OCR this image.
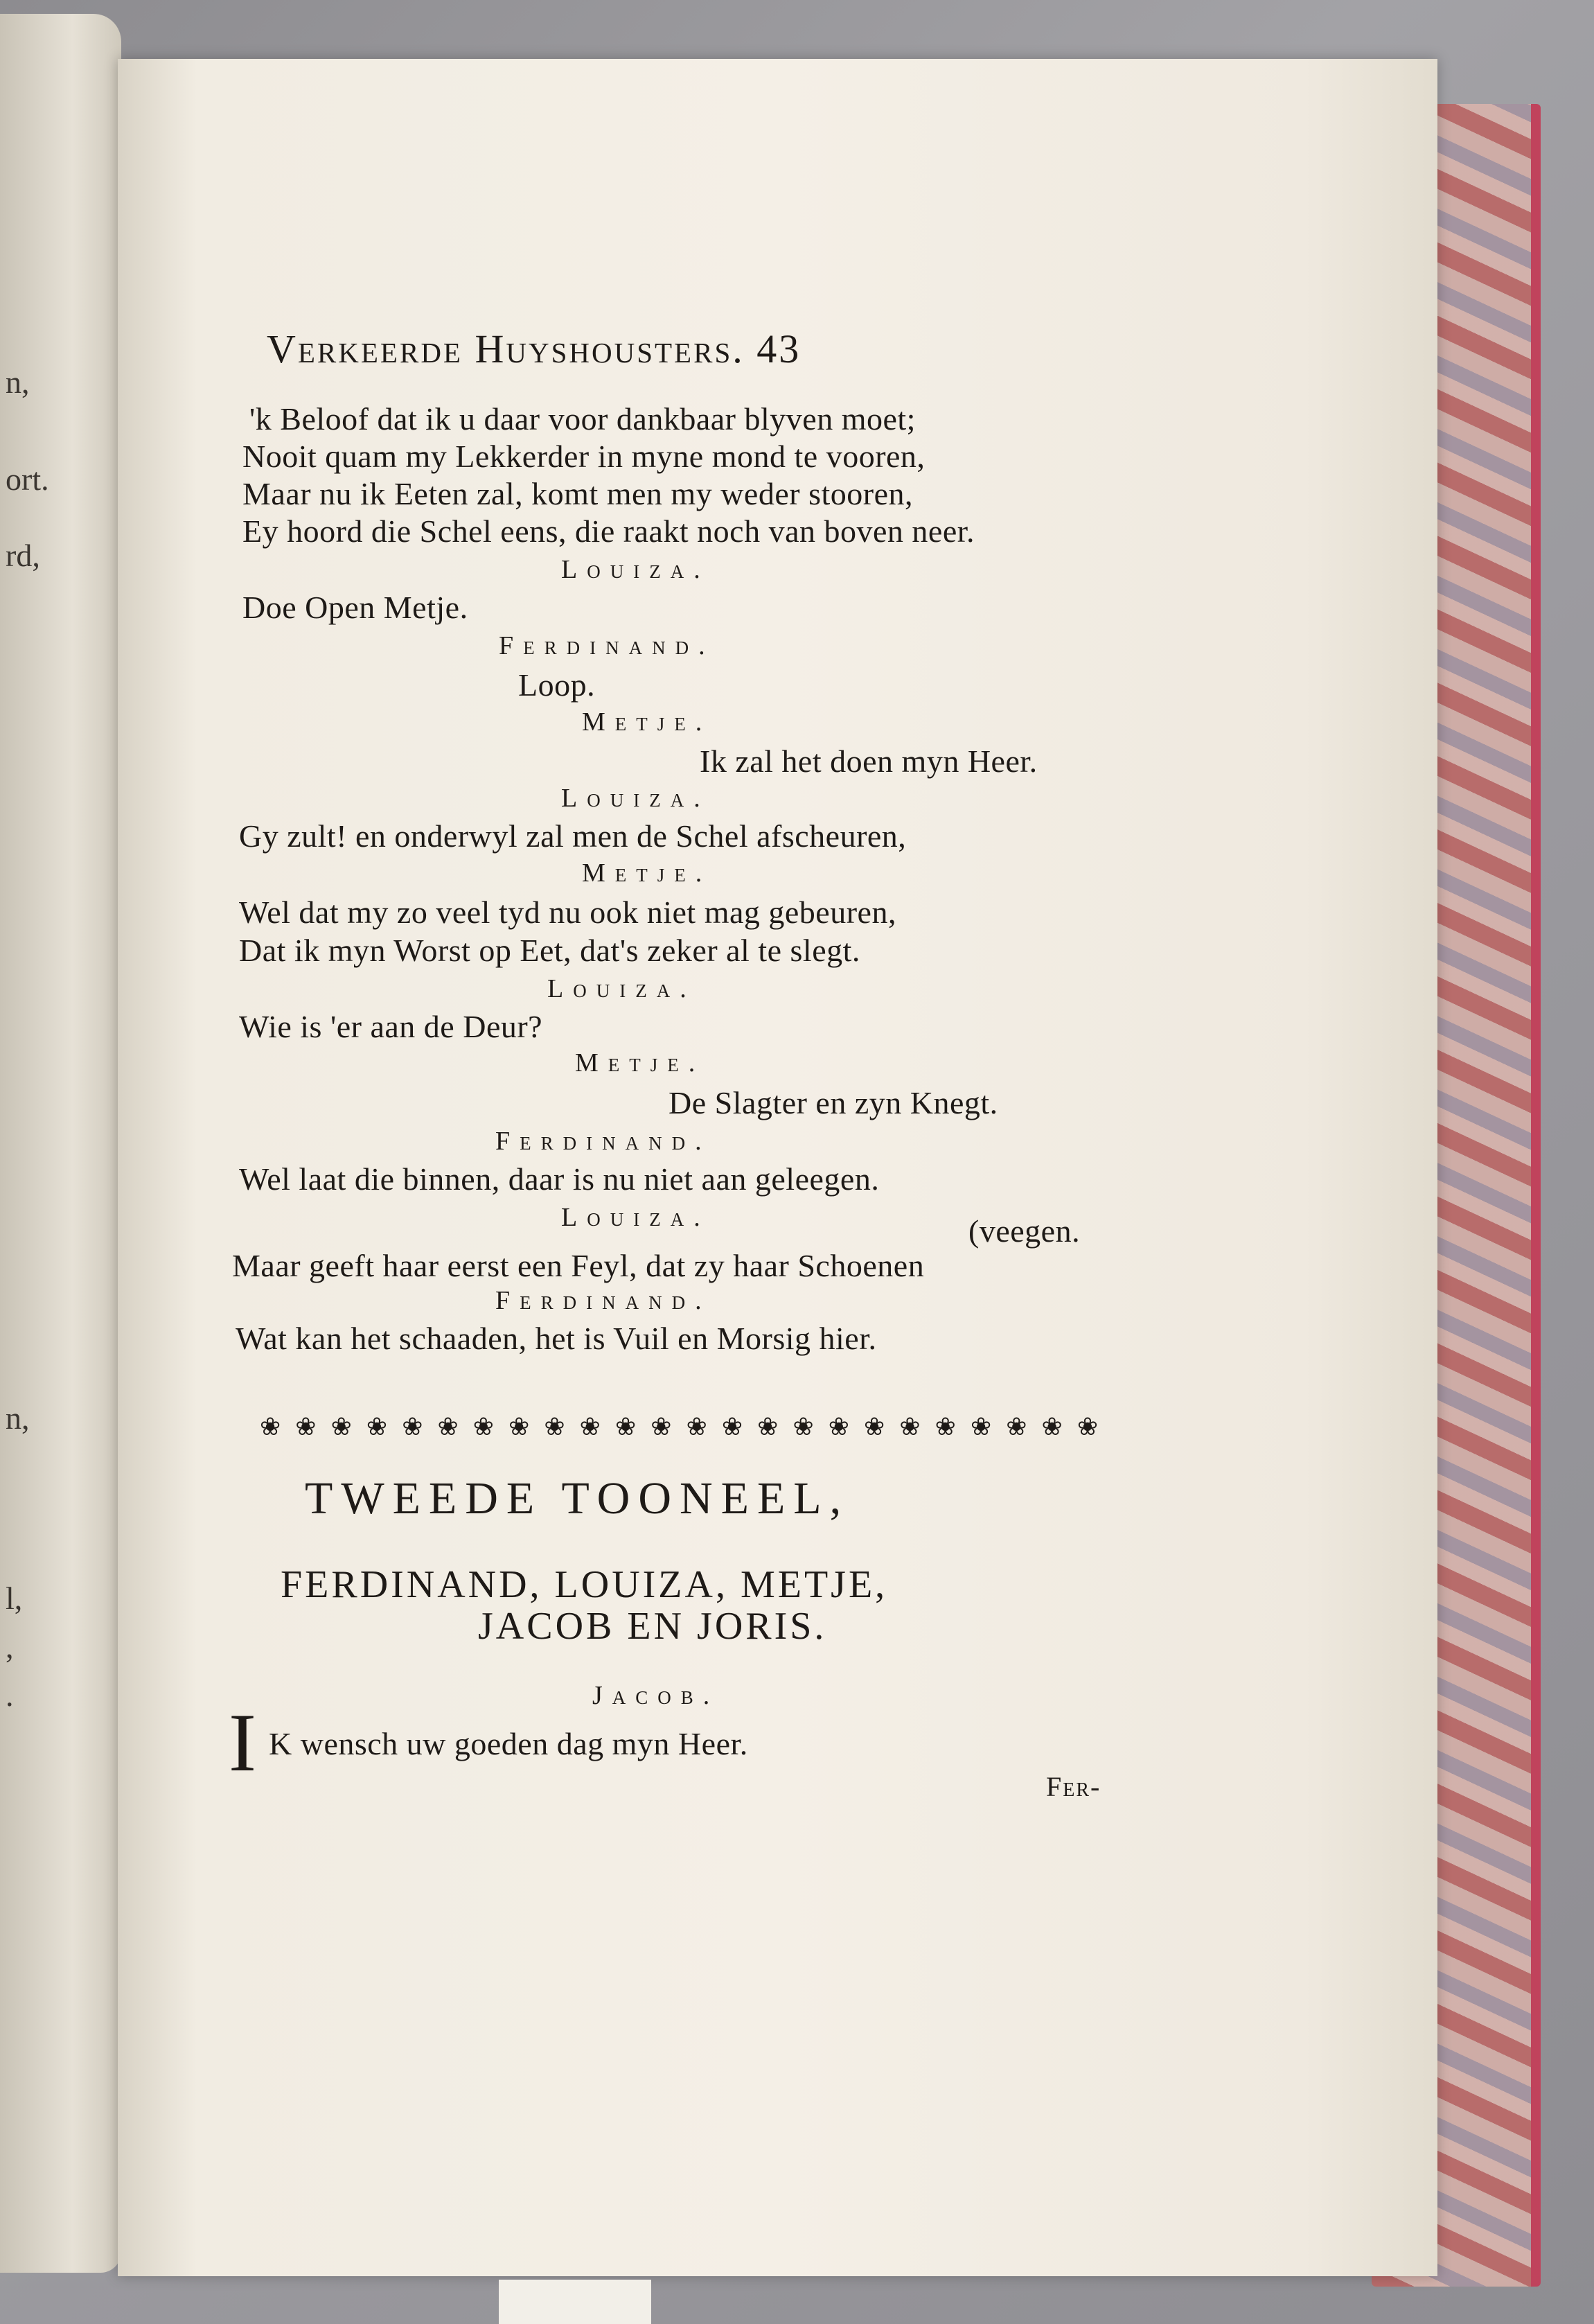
n,
ort.
rd,
n,
l,
,
.
Verkeerde Huyshousters. 43
'k Beloof dat ik u daar voor dankbaar blyven moet;
Nooit quam my Lekkerder in myne mond te vooren,
Maar nu ik Eeten zal, komt men my weder stooren,
Ey hoord die Schel eens, die raakt noch van boven neer.
Louiza.
Doe Open Metje.
Ferdinand.
Loop.
Metje.
Ik zal het doen myn Heer.
Louiza.
Gy zult! en onderwyl zal men de Schel afscheuren,
Metje.
Wel dat my zo veel tyd nu ook niet mag gebeuren,
Dat ik myn Worst op Eet, dat's zeker al te slegt.
Louiza.
Wie is 'er aan de Deur?
Metje.
De Slagter en zyn Knegt.
Ferdinand.
Wel laat die binnen, daar is nu niet aan geleegen.
Louiza.	(veegen.
Maar geeft haar eerst een Feyl, dat zy haar Schoenen
Ferdinand.
Wat kan het schaaden, het is Vuil en Morsig hier.
❀ ❀ ❀ ❀ ❀ ❀ ❀ ❀ ❀ ❀ ❀ ❀ ❀ ❀ ❀ ❀ ❀ ❀ ❀ ❀ ❀ ❀ ❀ ❀
TWEEDE TOONEEL,
FERDINAND, LOUIZA, METJE,
JACOB EN JORIS.
Jacob.
I K wensch uw goeden dag myn Heer.
Fer-
